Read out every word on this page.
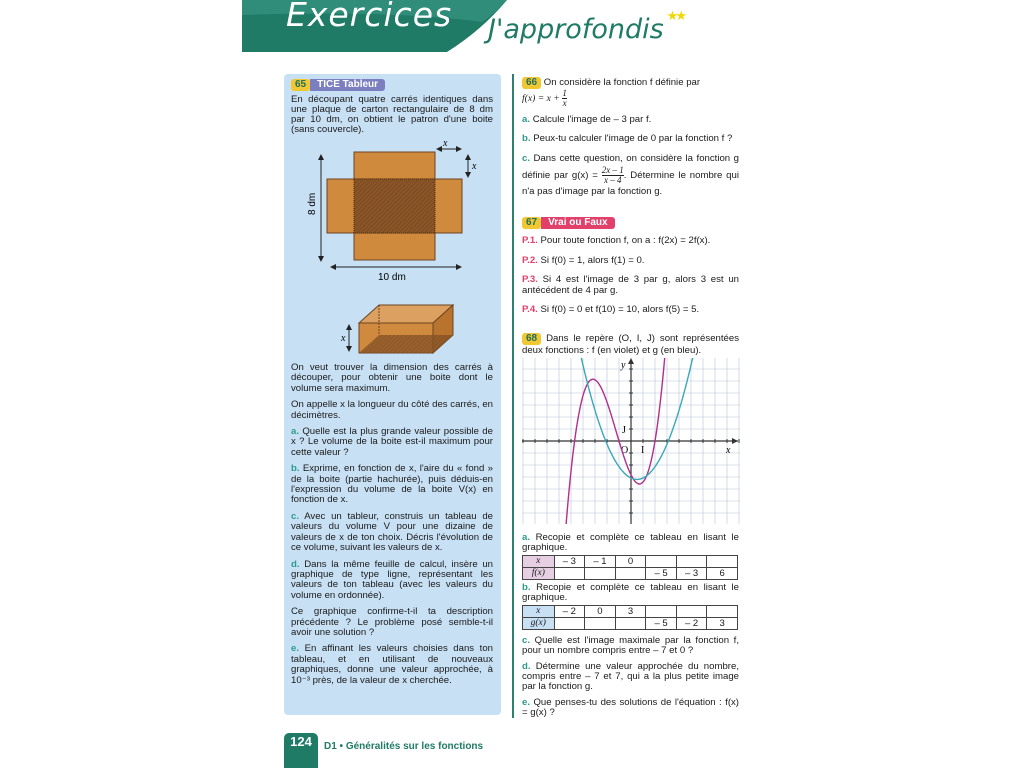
Exercices J'approfondis ★★
65 TICE Tableur

En découpant quatre carrés identiques dans une plaque de carton rectangulaire de 8 dm par 10 dm, on obtient le patron d'une boite (sans couvercle).

x
x
8 dm
10 dm
x

On veut trouver la dimension des carrés à découper, pour obtenir une boite dont le volume sera maximum.

On appelle x la longueur du côté des carrés, en décimètres.

a. Quelle est la plus grande valeur possible de x ? Le volume de la boite est-il maximum pour cette valeur ?

b. Exprime, en fonction de x, l'aire du « fond » de la boite (partie hachurée), puis déduis-en l'expression du volume de la boite V(x) en fonction de x.

c. Avec un tableur, construis un tableau de valeurs du volume V pour une dizaine de valeurs de x de ton choix. Décris l'évolution de ce volume, suivant les valeurs de x.

d. Dans la même feuille de calcul, insère un graphique de type ligne, représentant les valeurs de ton tableau (avec les valeurs du volume en ordonnée).

Ce graphique confirme-t-il ta description précédente ? Le problème posé semble-t-il avoir une solution ?

e. En affinant les valeurs choisies dans ton tableau, et en utilisant de nouveaux graphiques, donne une valeur approchée, à 10⁻³ près, de la valeur de x cherchée.

66 On considère la fonction f définie par
$f(x) = x + \frac{1}{x}$

a. Calcule l'image de – 3 par f.

b. Peux-tu calculer l'image de 0 par la fonction f ?

c. Dans cette question, on considère la fonction g définie par $g(x) = \frac{2x - 1}{x - 4}$ . Détermine le nombre qui n'a pas d'image par la fonction g.

67 Vrai ou Faux

P.1. Pour toute fonction f, on a : f(2x) = 2f(x).

P.2. Si f(0) = 1, alors f(1) = 0.

P.3. Si 4 est l'image de 3 par g, alors 3 est un antécédent de 4 par g.

P.4. Si f(0) = 0 et f(10) = 10, alors f(5) = 5.

68 Dans le repère (O, I, J) sont représentées deux fonctions : f (en violet) et g (en bleu).

O I
J
x
y

a. Recopie et complète ce tableau en lisant le graphique.

x	– 3	– 1	0			
f(x)				– 5	– 3	6

b. Recopie et complète ce tableau en lisant le graphique.

x	– 2	0	3			
g(x)				– 5	– 2	3

c. Quelle est l'image maximale par la fonction f, pour un nombre compris entre – 7 et 0 ?

d. Détermine une valeur approchée du nombre, compris entre – 7 et 7, qui a la plus petite image par la fonction g.

e. Que penses-tu des solutions de l'équation : f(x) = g(x) ?

124	D1 • Généralités sur les fonctions
